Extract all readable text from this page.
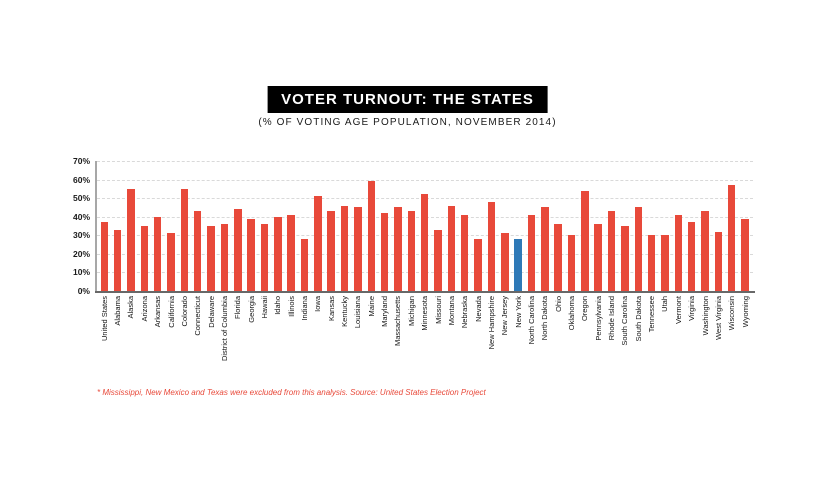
VOTER TURNOUT: THE STATES
(% OF VOTING AGE POPULATION, NOVEMBER 2014)
0%
10%
20%
30%
40%
50%
60%
70%
United States Alabama Alaska Arizona Arkansas California Colorado Connecticut Delaware District of Columbia Florida Georgia Hawaii Idaho Illinois Indiana Iowa Kansas Kentucky Louisiana Maine Maryland Massachusetts Michigan Minnesota Missouri Montana Nebraska Nevada New Hampshire New Jersey New York North Carolina North Dakota Ohio Oklahoma Oregon Pennsylvania Rhode Island South Carolina South Dakota Tennessee Utah Vermont Virginia Washington West Virginia Wisconsin Wyoming
* Mississippi, New Mexico and Texas were excluded from this analysis. Source: United States Election Project
